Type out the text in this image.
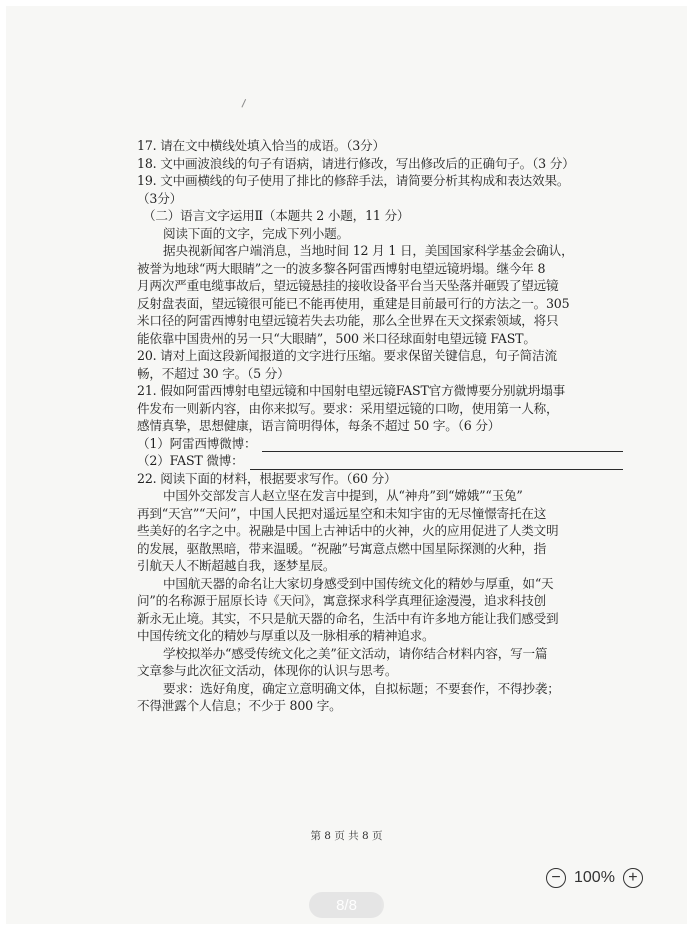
17. 请在文中横线处填入恰当的成语。（3分）
18. 文中画波浪线的句子有语病，请进行修改，写出修改后的正确句子。（3 分）
19. 文中画横线的句子使用了排比的修辞手法，请简要分析其构成和表达效果。
（3分）
（二）语言文字运用Ⅱ（本题共 2 小题，11 分）
阅读下面的文字，完成下列小题。
据央视新闻客户端消息，当地时间 12 月 1 日，美国国家科学基金会确认，
被誉为地球“两大眼睛”之一的波多黎各阿雷西博射电望远镜坍塌。继今年 8
月两次严重电缆事故后，望远镜悬挂的接收设备平台当天坠落并砸毁了望远镜
反射盘表面，望远镜很可能已不能再使用，重建是目前最可行的方法之一。305
米口径的阿雷西博射电望远镜若失去功能，那么全世界在天文探索领域，将只
能依靠中国贵州的另一只“大眼睛”，500 米口径球面射电望远镜 FAST。
20. 请对上面这段新闻报道的文字进行压缩。要求保留关键信息，句子简洁流
畅，不超过 30 字。（5 分）
21. 假如阿雷西博射电望远镜和中国射电望远镜FAST官方微博要分别就坍塌事
件发布一则新内容，由你来拟写。要求：采用望远镜的口吻，使用第一人称，
感情真挚，思想健康，语言简明得体，每条不超过 50 字。（6 分）
（1）阿雷西博微博：
（2）FAST 微博：
22. 阅读下面的材料，根据要求写作。（60 分）
中国外交部发言人赵立坚在发言中提到，从“神舟”到“嫦娥”“玉兔”
再到“天宫”“天问”，中国人民把对遥远星空和未知宇宙的无尽憧憬寄托在这
些美好的名字之中。祝融是中国上古神话中的火神，火的应用促进了人类文明
的发展，驱散黑暗，带来温暖。“祝融”号寓意点燃中国星际探测的火种，指
引航天人不断超越自我，逐梦星辰。
中国航天器的命名让大家切身感受到中国传统文化的精妙与厚重，如“天
问”的名称源于屈原长诗《天问》，寓意探求科学真理征途漫漫，追求科技创
新永无止境。其实，不只是航天器的命名，生活中有许多地方能让我们感受到
中国传统文化的精妙与厚重以及一脉相承的精神追求。
学校拟举办“感受传统文化之美”征文活动，请你结合材料内容，写一篇
文章参与此次征文活动，体现你的认识与思考。
要求：选好角度，确定立意明确文体，自拟标题；不要套作，不得抄袭；
不得泄露个人信息；不少于 800 字。
第 8 页 共 8 页
− 100% +
8/8
